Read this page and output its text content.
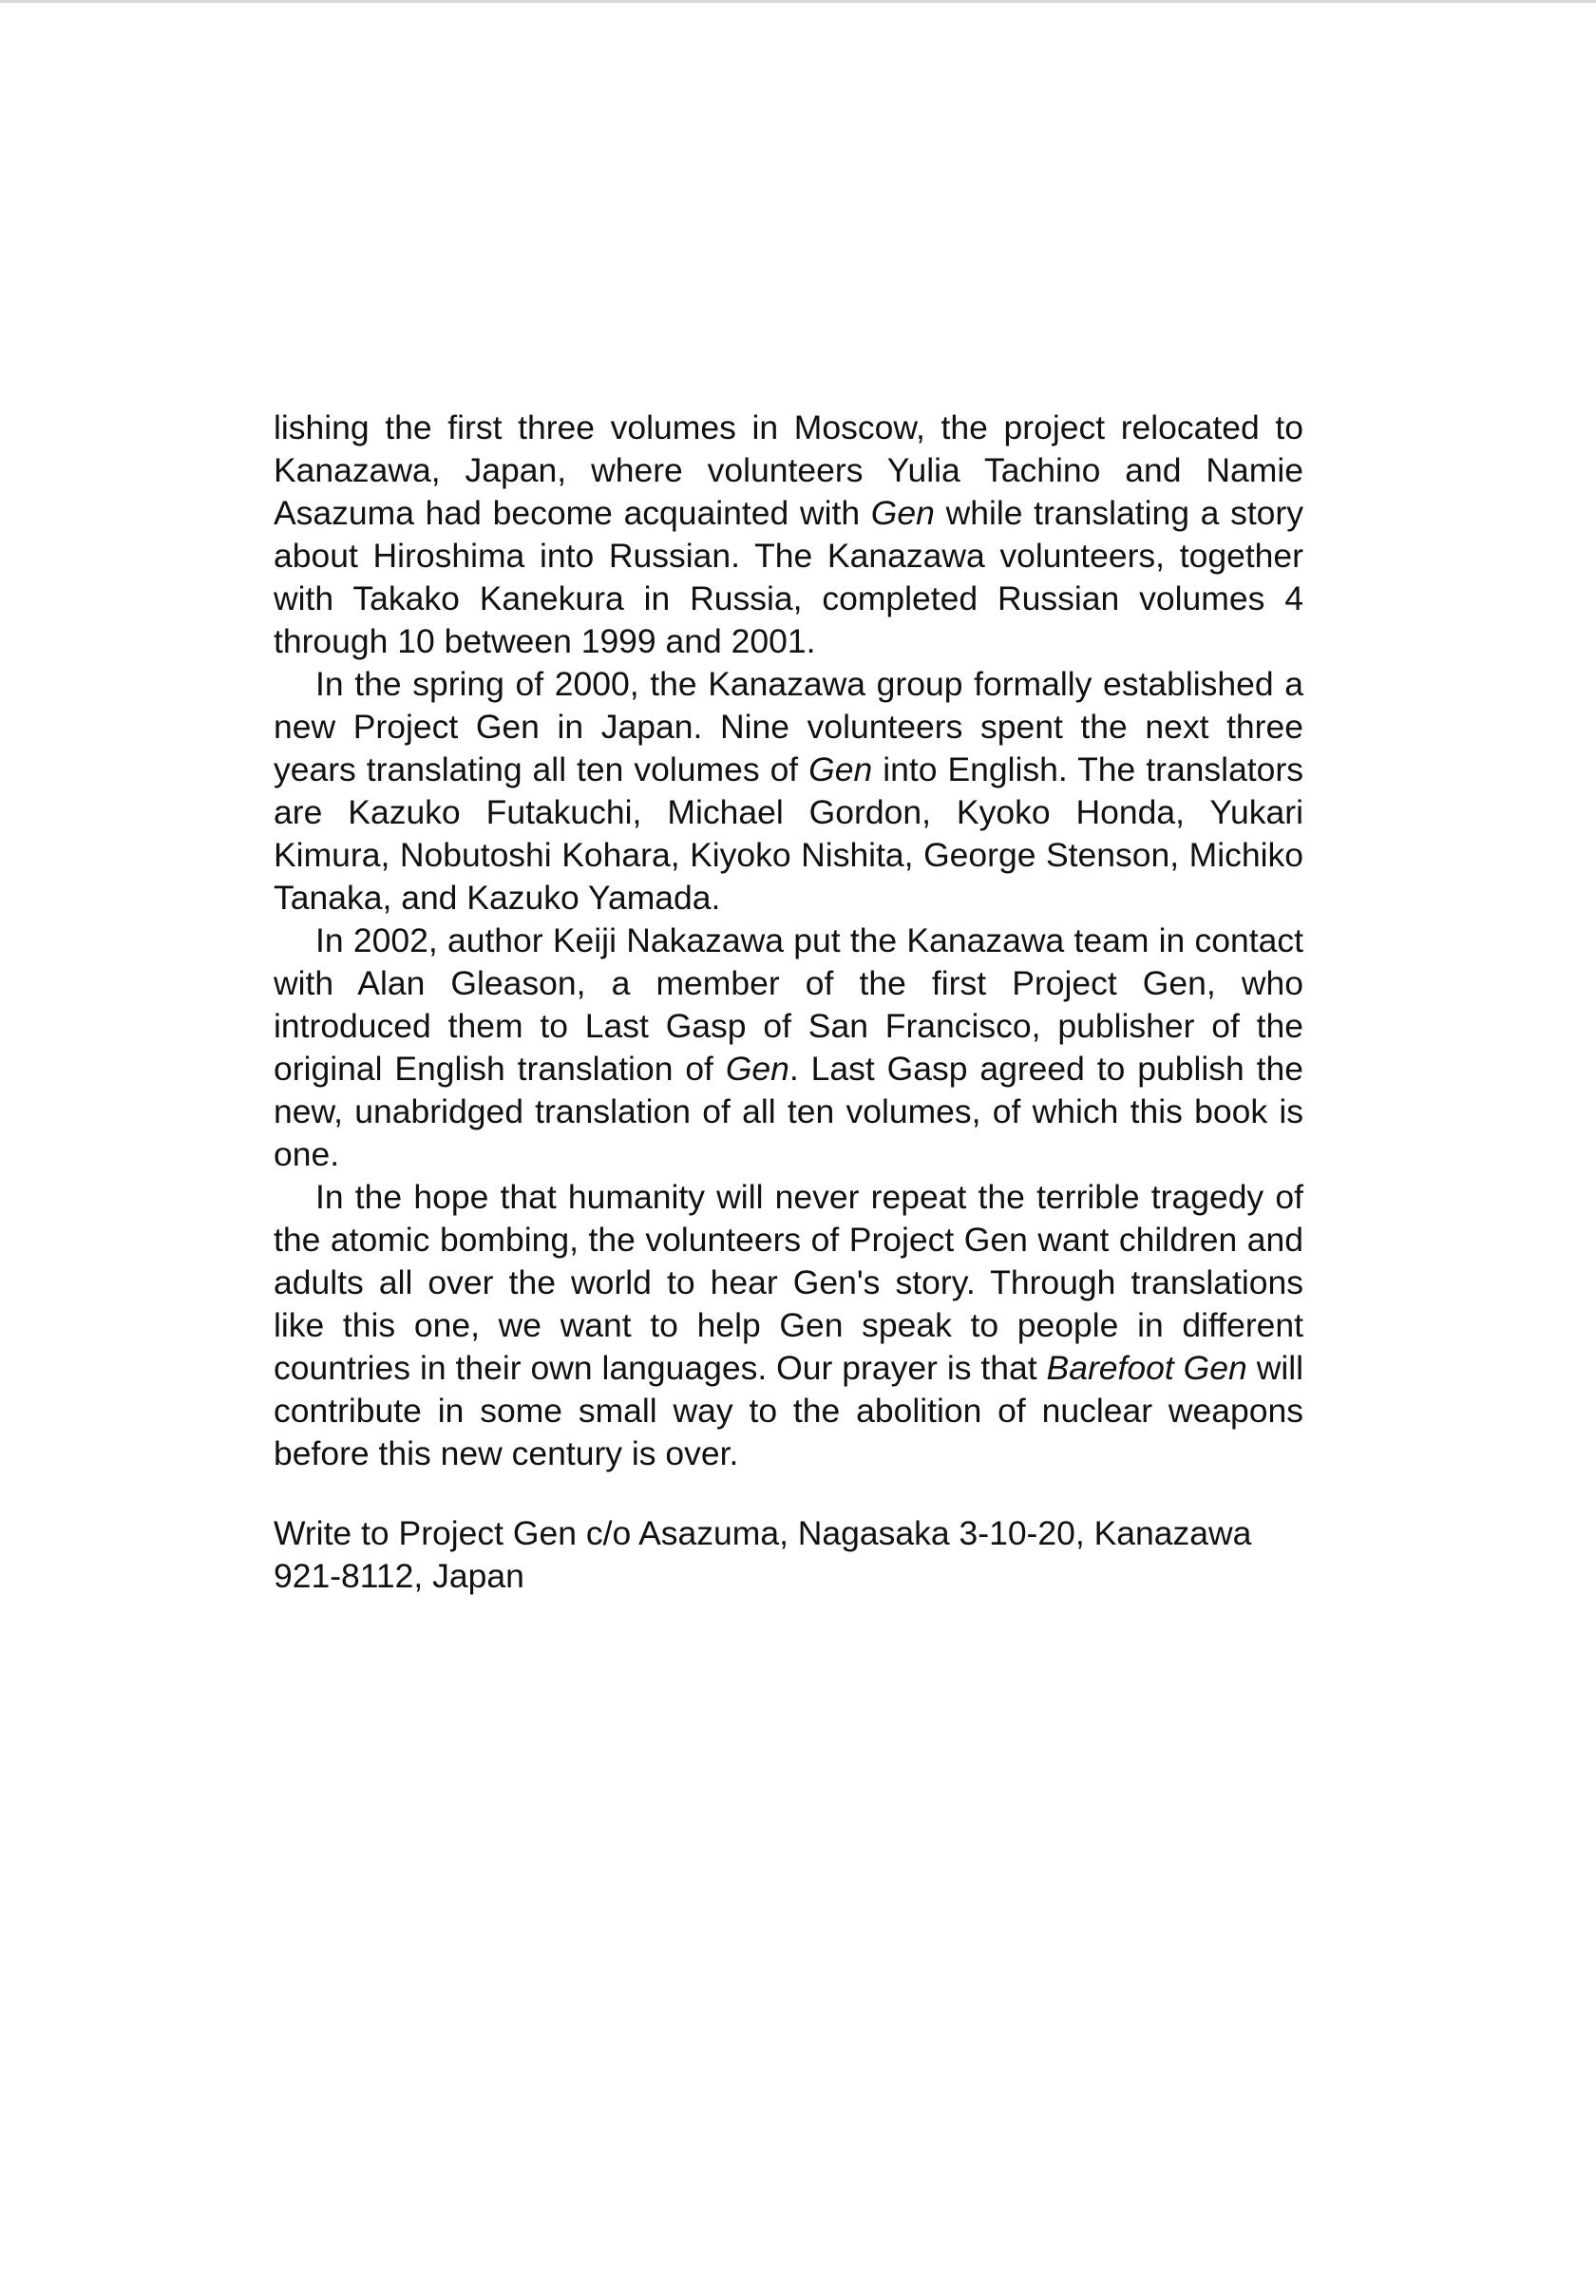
lishing the first three volumes in Moscow, the project relocated to Kanazawa, Japan, where volunteers Yulia Tachino and Namie Asazuma had become acquainted with Gen while translating a story about Hiroshima into Russian. The Kanazawa volunteers, together with Takako Kanekura in Russia, completed Russian volumes 4 through 10 between 1999 and 2001.

In the spring of 2000, the Kanazawa group formally established a new Project Gen in Japan. Nine volunteers spent the next three years translating all ten volumes of Gen into English. The translators are Kazuko Futakuchi, Michael Gordon, Kyoko Honda, Yukari Kimura, Nobutoshi Kohara, Kiyoko Nishita, George Stenson, Michiko Tanaka, and Kazuko Yamada.

In 2002, author Keiji Nakazawa put the Kanazawa team in contact with Alan Gleason, a member of the first Project Gen, who introduced them to Last Gasp of San Francisco, publisher of the original English translation of Gen. Last Gasp agreed to publish the new, unabridged translation of all ten volumes, of which this book is one.

In the hope that humanity will never repeat the terrible tragedy of the atomic bombing, the volunteers of Project Gen want children and adults all over the world to hear Gen's story. Through translations like this one, we want to help Gen speak to people in different countries in their own languages. Our prayer is that Barefoot Gen will contribute in some small way to the abolition of nuclear weapons before this new century is over.

Write to Project Gen c/o Asazuma, Nagasaka 3-10-20, Kanazawa
921-8112, Japan
